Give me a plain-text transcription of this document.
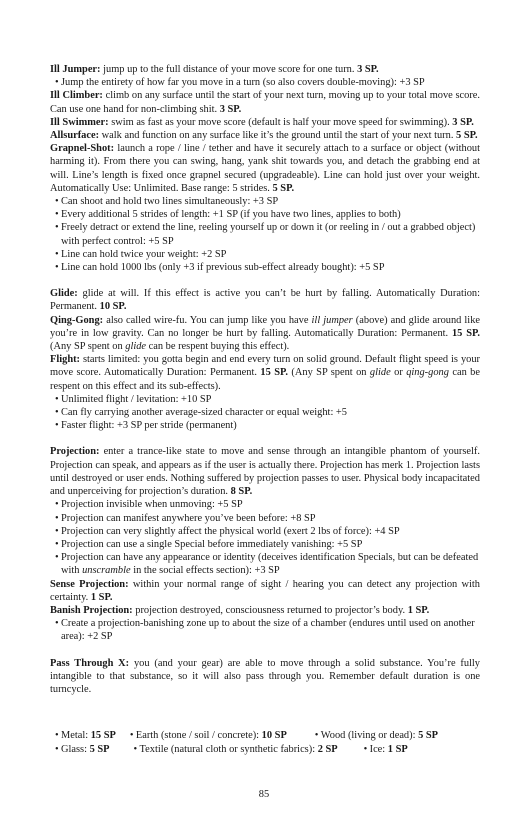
Ill Jumper: jump up to the full distance of your move score for one turn. 3 SP.

• Jump the entirety of how far you move in a turn (so also covers double-moving): +3 SP

Ill Climber: climb on any surface until the start of your next turn, moving up to your total move score. Can use one hand for non-climbing shit. 3 SP.

Ill Swimmer: swim as fast as your move score (default is half your move speed for swimming). 3 SP.

Allsurface: walk and function on any surface like it’s the ground until the start of your next turn. 5 SP.

Grapnel-Shot: launch a rope / line / tether and have it securely attach to a surface or object (without harming it). From there you can swing, hang, yank shit towards you, and detach the grabbing end at will. Line’s length is fixed once grapnel secured (upgradeable). Line can hold just over your weight. Automatically Use: Unlimited. Base range: 5 strides. 5 SP.

• Can shoot and hold two lines simultaneously: +3 SP

• Every additional 5 strides of length: +1 SP (if you have two lines, applies to both)

• Freely detract or extend the line, reeling yourself up or down it (or reeling in / out a grabbed object) with perfect control: +5 SP

• Line can hold twice your weight: +2 SP

• Line can hold 1000 lbs (only +3 if previous sub-effect already bought): +5 SP

Glide: glide at will. If this effect is active you can’t be hurt by falling. Automatically Duration: Permanent. 10 SP.

Qing-Gong: also called wire-fu. You can jump like you have ill jumper (above) and glide around like you’re in low gravity. Can no longer be hurt by falling. Automatically Duration: Permanent. 15 SP. (Any SP spent on glide can be respent buying this effect).

Flight: starts limited: you gotta begin and end every turn on solid ground. Default flight speed is your move score. Automatically Duration: Permanent. 15 SP. (Any SP spent on glide or qing-gong can be respent on this effect and its sub-effects).

• Unlimited flight / levitation: +10 SP

• Can fly carrying another average-sized character or equal weight: +5

• Faster flight: +3 SP per stride (permanent)

Projection: enter a trance-like state to move and sense through an intangible phantom of yourself. Projection can speak, and appears as if the user is actually there. Projection has merk 1. Projection lasts until destroyed or user ends. Nothing suffered by projection passes to user. Physical body incapacitated and unperceiving for projection’s duration. 8 SP.

• Projection invisible when unmoving: +5 SP

• Projection can manifest anywhere you’ve been before: +8 SP

• Projection can very slightly affect the physical world (exert 2 lbs of force): +4 SP

• Projection can use a single Special before immediately vanishing: +5 SP

• Projection can have any appearance or identity (deceives identification Specials, but can be defeated with unscramble in the social effects section): +3 SP

Sense Projection: within your normal range of sight / hearing you can detect any projection with certainty. 1 SP.

Banish Projection: projection destroyed, consciousness returned to projector’s body. 1 SP.

• Create a projection-banishing zone up to about the size of a chamber (endures until used on another area): +2 SP

Pass Through X: you (and your gear) are able to move through a solid substance. You’re fully intangible to that substance, so it will also pass through you. Remember default duration is one turncycle.

• Metal: 15 SP	• Earth (stone / soil / concrete): 10 SP	• Wood (living or dead): 5 SP
• Glass: 5 SP	• Textile (natural cloth or synthetic fabrics): 2 SP	• Ice: 1 SP
85
